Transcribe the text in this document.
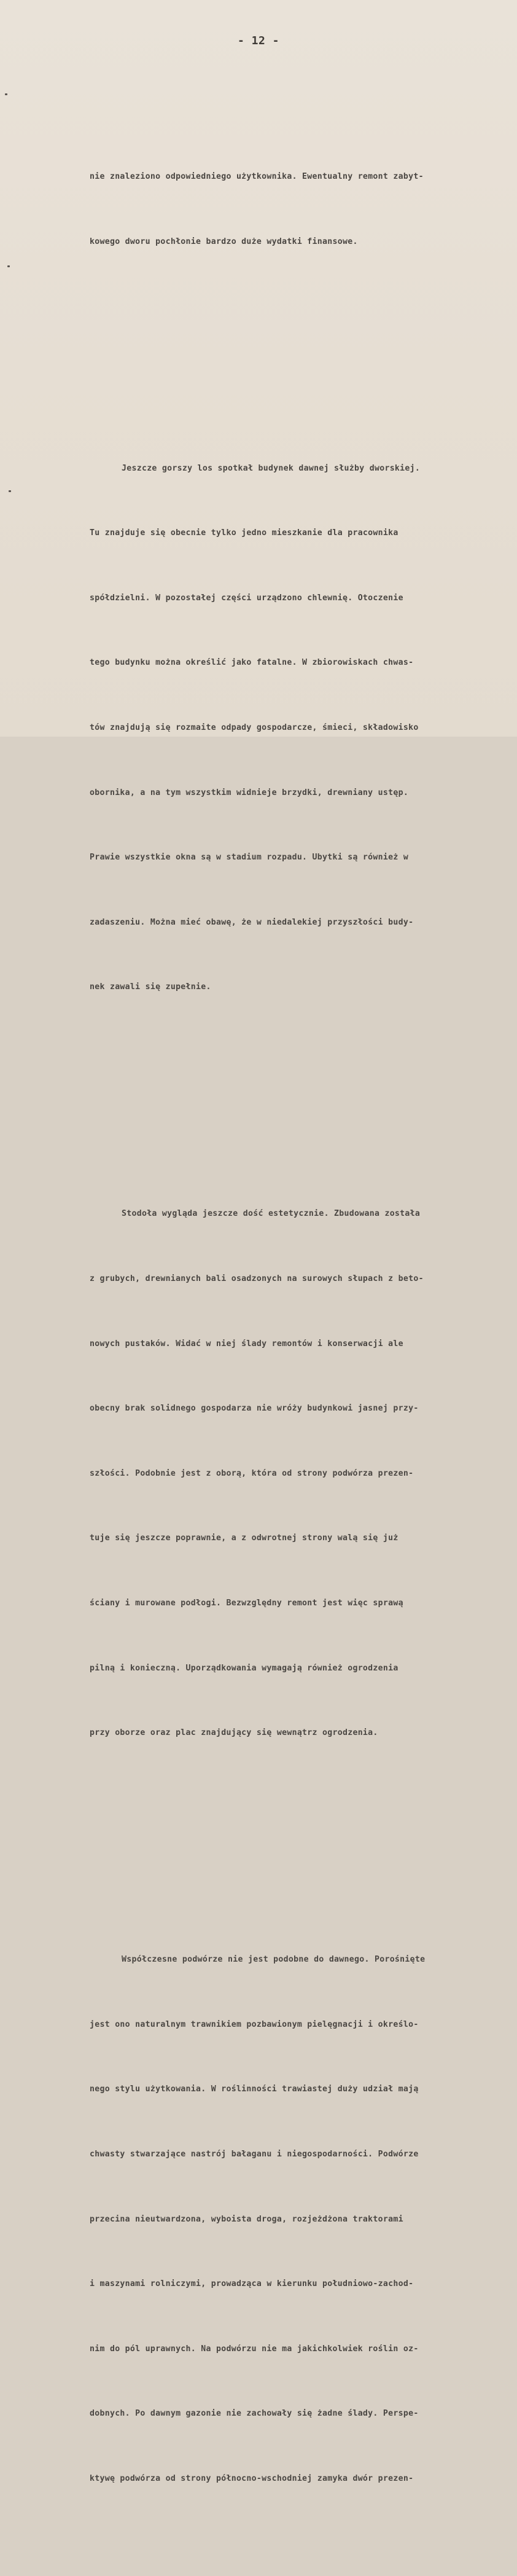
- 12 -

nie znaleziono odpowiedniego użytkownika. Ewentualny remont zabyt-

kowego dworu pochłonie bardzo duże wydatki finansowe.

Jeszcze gorszy los spotkał budynek dawnej służby dworskiej.

Tu znajduje się obecnie tylko jedno mieszkanie dla pracownika

spółdzielni. W pozostałej części urządzono chlewnię. Otoczenie

tego budynku można określić jako fatalne. W zbiorowiskach chwas-

tów znajdują się rozmaite odpady gospodarcze, śmieci, składowisko

obornika, a na tym wszystkim widnieje brzydki, drewniany ustęp.

Prawie wszystkie okna są w stadium rozpadu. Ubytki są również w

zadaszeniu. Można mieć obawę, że w niedalekiej przyszłości budy-

nek zawali się zupełnie.

Stodoła wygląda jeszcze dość estetycznie. Zbudowana została

z grubych, drewnianych bali osadzonych na surowych słupach z beto-

nowych pustaków. Widać w niej ślady remontów i konserwacji ale

obecny brak solidnego gospodarza nie wróży budynkowi jasnej przy-

szłości. Podobnie jest z oborą, która od strony podwórza prezen-

tuje się jeszcze poprawnie, a z odwrotnej strony walą się już

ściany i murowane podłogi. Bezwzględny remont jest więc sprawą

pilną i konieczną. Uporządkowania wymagają również ogrodzenia

przy oborze oraz plac znajdujący się wewnątrz ogrodzenia.

Współczesne podwórze nie jest podobne do dawnego. Porośnięte

jest ono naturalnym trawnikiem pozbawionym pielęgnacji i określo-

nego stylu użytkowania. W roślinności trawiastej duży udział mają

chwasty stwarzające nastrój bałaganu i niegospodarności. Podwórze

przecina nieutwardzona, wyboista droga, rozjeżdżona traktorami

i maszynami rolniczymi, prowadząca w kierunku południowo-zachod-

nim do pól uprawnych. Na podwórzu nie ma jakichkolwiek roślin oz-

dobnych. Po dawnym gazonie nie zachowały się żadne ślady. Perspe-

ktywę podwórza od strony północno-wschodniej zamyka dwór prezen-
